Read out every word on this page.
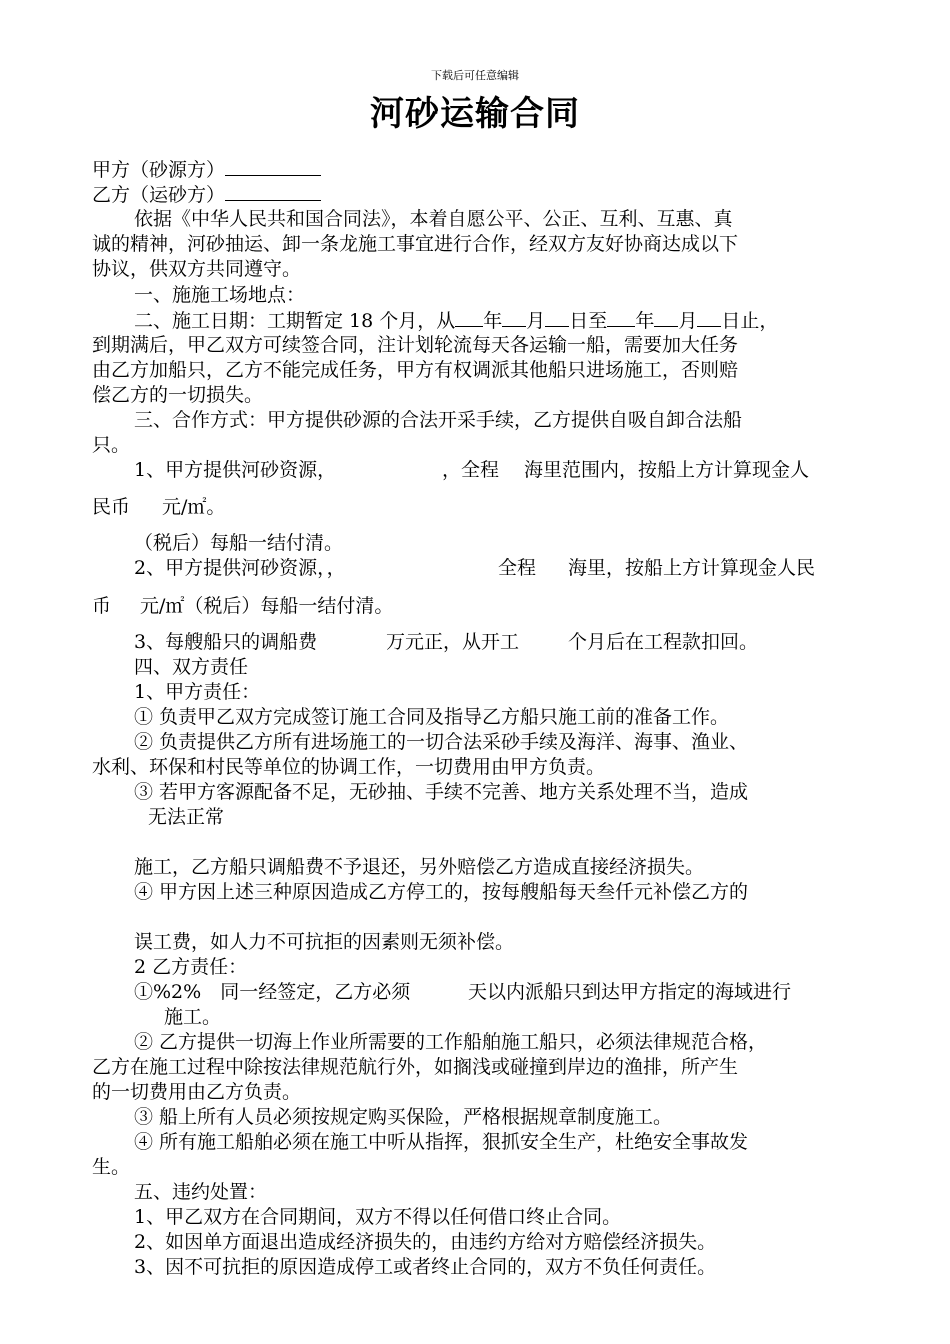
下载后可任意编辑
河砂运输合同
甲方（砂源方）
乙方（运砂方）
依据《中华人民共和国合同法》，本着自愿公平、公正、互利、互惠、真
诚的精神，河砂抽运、卸一条龙施工事宜进行合作，经双方友好协商达成以下
协议，供双方共同遵守。
一、施施工场地点：
二、施工日期：工期暂定 18 个月，从 年 月 日至 年 月 日止，
到期满后，甲乙双方可续签合同，注计划轮流每天各运输一船，需要加大任务
由乙方加船只，乙方不能完成任务，甲方有权调派其他船只进场施工，否则赔
偿乙方的一切损失。
三、合作方式：甲方提供砂源的合法开采手续，乙方提供自吸自卸合法船
只。
1、甲方提供河砂资源，	，全程 海里范围内，按船上方计算现金人
民币 元/㎡。
（税后）每船一结付清。
2、甲方提供河砂资源，，	全程 海里，按船上方计算现金人民
币 元/㎡（税后）每船一结付清。
3、每艘船只的调船费	万元正，从开工	个月后在工程款扣回。
四、双方责任
1、甲方责任：
① 负责甲乙双方完成签订施工合同及指导乙方船只施工前的准备工作。
② 负责提供乙方所有进场施工的一切合法采砂手续及海洋、海事、渔业、
水利、环保和村民等单位的协调工作，一切费用由甲方负责。
③ 若甲方客源配备不足，无砂抽、手续不完善、地方关系处理不当，造成
无法正常
施工，乙方船只调船费不予退还，另外赔偿乙方造成直接经济损失。
④ 甲方因上述三种原因造成乙方停工的，按每艘船每天叁仟元补偿乙方的
误工费，如人力不可抗拒的因素则无须补偿。
2 乙方责任：
①%2%　同一经签定，乙方必须	天以内派船只到达甲方指定的海域进行
施工。
② 乙方提供一切海上作业所需要的工作船舶施工船只，必须法律规范合格，
乙方在施工过程中除按法律规范航行外，如搁浅或碰撞到岸边的渔排，所产生
的一切费用由乙方负责。
③ 船上所有人员必须按规定购买保险，严格根据规章制度施工。
④ 所有施工船舶必须在施工中听从指挥，狠抓安全生产，杜绝安全事故发
生。
五、违约处置：
1、甲乙双方在合同期间，双方不得以任何借口终止合同。
2、如因单方面退出造成经济损失的，由违约方给对方赔偿经济损失。
3、因不可抗拒的原因造成停工或者终止合同的，双方不负任何责任。
